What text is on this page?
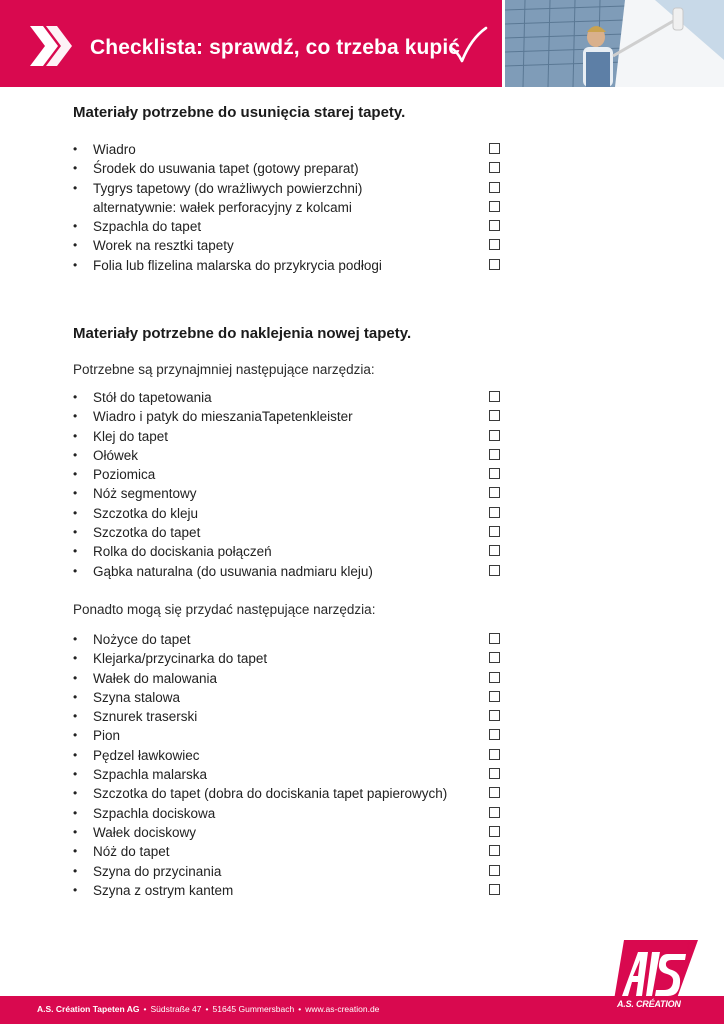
Checklista: sprawdź, co trzeba kupić
Materiały potrzebne do usunięcia starej tapety.
• Wiadro
• Środek do usuwania tapet (gotowy preparat)
• Tygrys tapetowy (do wrażliwych powierzchni)
alternatywnie: wałek perforacyjny z kolcami
• Szpachla do tapet
• Worek na resztki tapety
• Folia lub flizelina malarska do przykrycia podłogi
Materiały potrzebne do naklejenia nowej tapety.
Potrzebne są przynajmniej następujące narzędzia:
• Stół do tapetowania
• Wiadro i patyk do mieszaniaTapetenkleister
• Klej do tapet
• Ołówek
• Poziomica
• Nóż segmentowy
• Szczotka do kleju
• Szczotka do tapet
• Rolka do dociskania połączeń
• Gąbka naturalna (do usuwania nadmiaru kleju)
Ponadto mogą się przydać następujące narzędzia:
• Nożyce do tapet
• Klejarka/przycinarka do tapet
• Wałek do malowania
• Szyna stalowa
• Sznurek traserski
• Pion
• Pędzel ławkowiec
• Szpachla malarska
• Szczotka do tapet (dobra do dociskania tapet papierowych)
• Szpachla dociskowa
• Wałek dociskowy
• Nóż do tapet
• Szyna do przycinania
• Szyna z ostrym kantem
A.S. Création Tapeten AG • Südstraße 47 • 51645 Gummersbach • www.as-creation.de	A.S. CRÉATION
